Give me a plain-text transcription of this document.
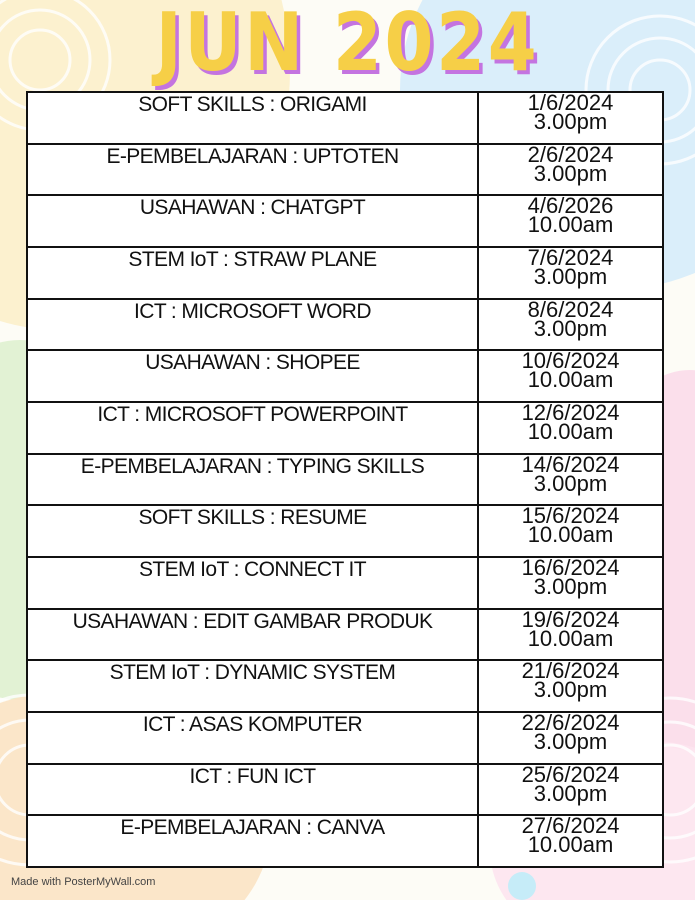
JUN 2024
SOFT SKILLS : ORIGAMI	1/6/2024
3.00pm

E-PEMBELAJARAN : UPTOTEN	2/6/2024
3.00pm

USAHAWAN : CHATGPT	4/6/2026
10.00am

STEM IoT : STRAW PLANE	7/6/2024
3.00pm

ICT : MICROSOFT WORD	8/6/2024
3.00pm

USAHAWAN : SHOPEE	10/6/2024
10.00am

ICT : MICROSOFT POWERPOINT	12/6/2024
10.00am

E-PEMBELAJARAN : TYPING SKILLS	14/6/2024
3.00pm

SOFT SKILLS : RESUME	15/6/2024
10.00am

STEM IoT : CONNECT IT	16/6/2024
3.00pm

USAHAWAN : EDIT GAMBAR PRODUK	19/6/2024
10.00am

STEM IoT : DYNAMIC SYSTEM	21/6/2024
3.00pm

ICT : ASAS KOMPUTER	22/6/2024
3.00pm

ICT : FUN ICT	25/6/2024
3.00pm

E-PEMBELAJARAN : CANVA	27/6/2024
10.00am
Made with PosterMyWall.com
